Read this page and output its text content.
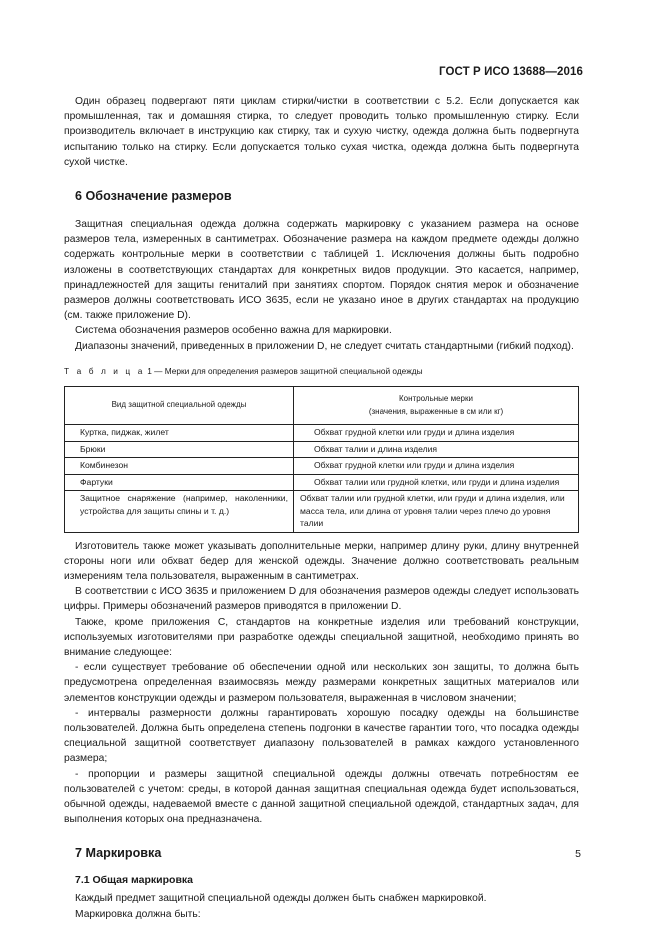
ГОСТ Р ИСО 13688—2016

Один образец подвергают пяти циклам стирки/чистки в соответствии с 5.2. Если допускается как промышленная, так и домашняя стирка, то следует проводить только промышленную стирку. Если производитель включает в инструкцию как стирку, так и сухую чистку, одежда должна быть подвергнута испытанию только на стирку. Если допускается только сухая чистка, одежда должна быть подвергнута сухой чистке.

6 Обозначение размеров

Защитная специальная одежда должна содержать маркировку с указанием размера на основе размеров тела, измеренных в сантиметрах. Обозначение размера на каждом предмете одежды должно содержать контрольные мерки в соответствии с таблицей 1. Исключения должны быть подробно изложены в соответствующих стандартах для конкретных видов продукции. Это касается, например, принадлежностей для защиты гениталий при занятиях спортом. Порядок снятия мерок и обозначение размеров должны соответствовать ИСО 3635, если не указано иное в других стандартах на продукцию (см. также приложение D).

Система обозначения размеров особенно важна для маркировки.

Диапазоны значений, приведенных в приложении D, не следует считать стандартными (гибкий подход).

Т а б л и ц а 1 — Мерки для определения размеров защитной специальной одежды

Вид защитной специальной одежды	Контрольные мерки
(значения, выраженные в см или кг)

Куртка, пиджак, жилет	Обхват грудной клетки или груди и длина изделия
Брюки	Обхват талии и длина изделия
Комбинезон	Обхват грудной клетки или груди и длина изделия
Фартуки	Обхват талии или грудной клетки, или груди и длина изделия
Защитное снаряжение (например, наколенники, устройства для защиты спины и т. д.)	Обхват талии или грудной клетки, или груди и длина изделия, или масса тела, или длина от уровня талии через плечо до уровня талии

Изготовитель также может указывать дополнительные мерки, например длину руки, длину внутренней стороны ноги или обхват бедер для женской одежды. Значение должно соответствовать реальным измерениям тела пользователя, выраженным в сантиметрах.

В соответствии с ИСО 3635 и приложением D для обозначения размеров одежды следует использовать цифры. Примеры обозначений размеров приводятся в приложении D.

Также, кроме приложения С, стандартов на конкретные изделия или требований конструкции, используемых изготовителями при разработке одежды специальной защитной, необходимо принять во внимание следующее:

- если существует требование об обеспечении одной или нескольких зон защиты, то должна быть предусмотрена определенная взаимосвязь между размерами конкретных защитных материалов или элементов конструкции одежды и размером пользователя, выраженная в числовом значении;

- интервалы размерности должны гарантировать хорошую посадку одежды на большинстве пользователей. Должна быть определена степень подгонки в качестве гарантии того, что посадка одежды специальной защитной соответствует диапазону пользователей в рамках каждого установленного размера;

- пропорции и размеры защитной специальной одежды должны отвечать потребностям ее пользователей с учетом: среды, в которой данная защитная специальная одежда будет использоваться, обычной одежды, надеваемой вместе с данной защитной специальной одеждой, стандартных задач, для выполнения которых она предназначена.

7 Маркировка
7.1 Общая маркировка

Каждый предмет защитной специальной одежды должен быть снабжен маркировкой.

Маркировка должна быть:

5
